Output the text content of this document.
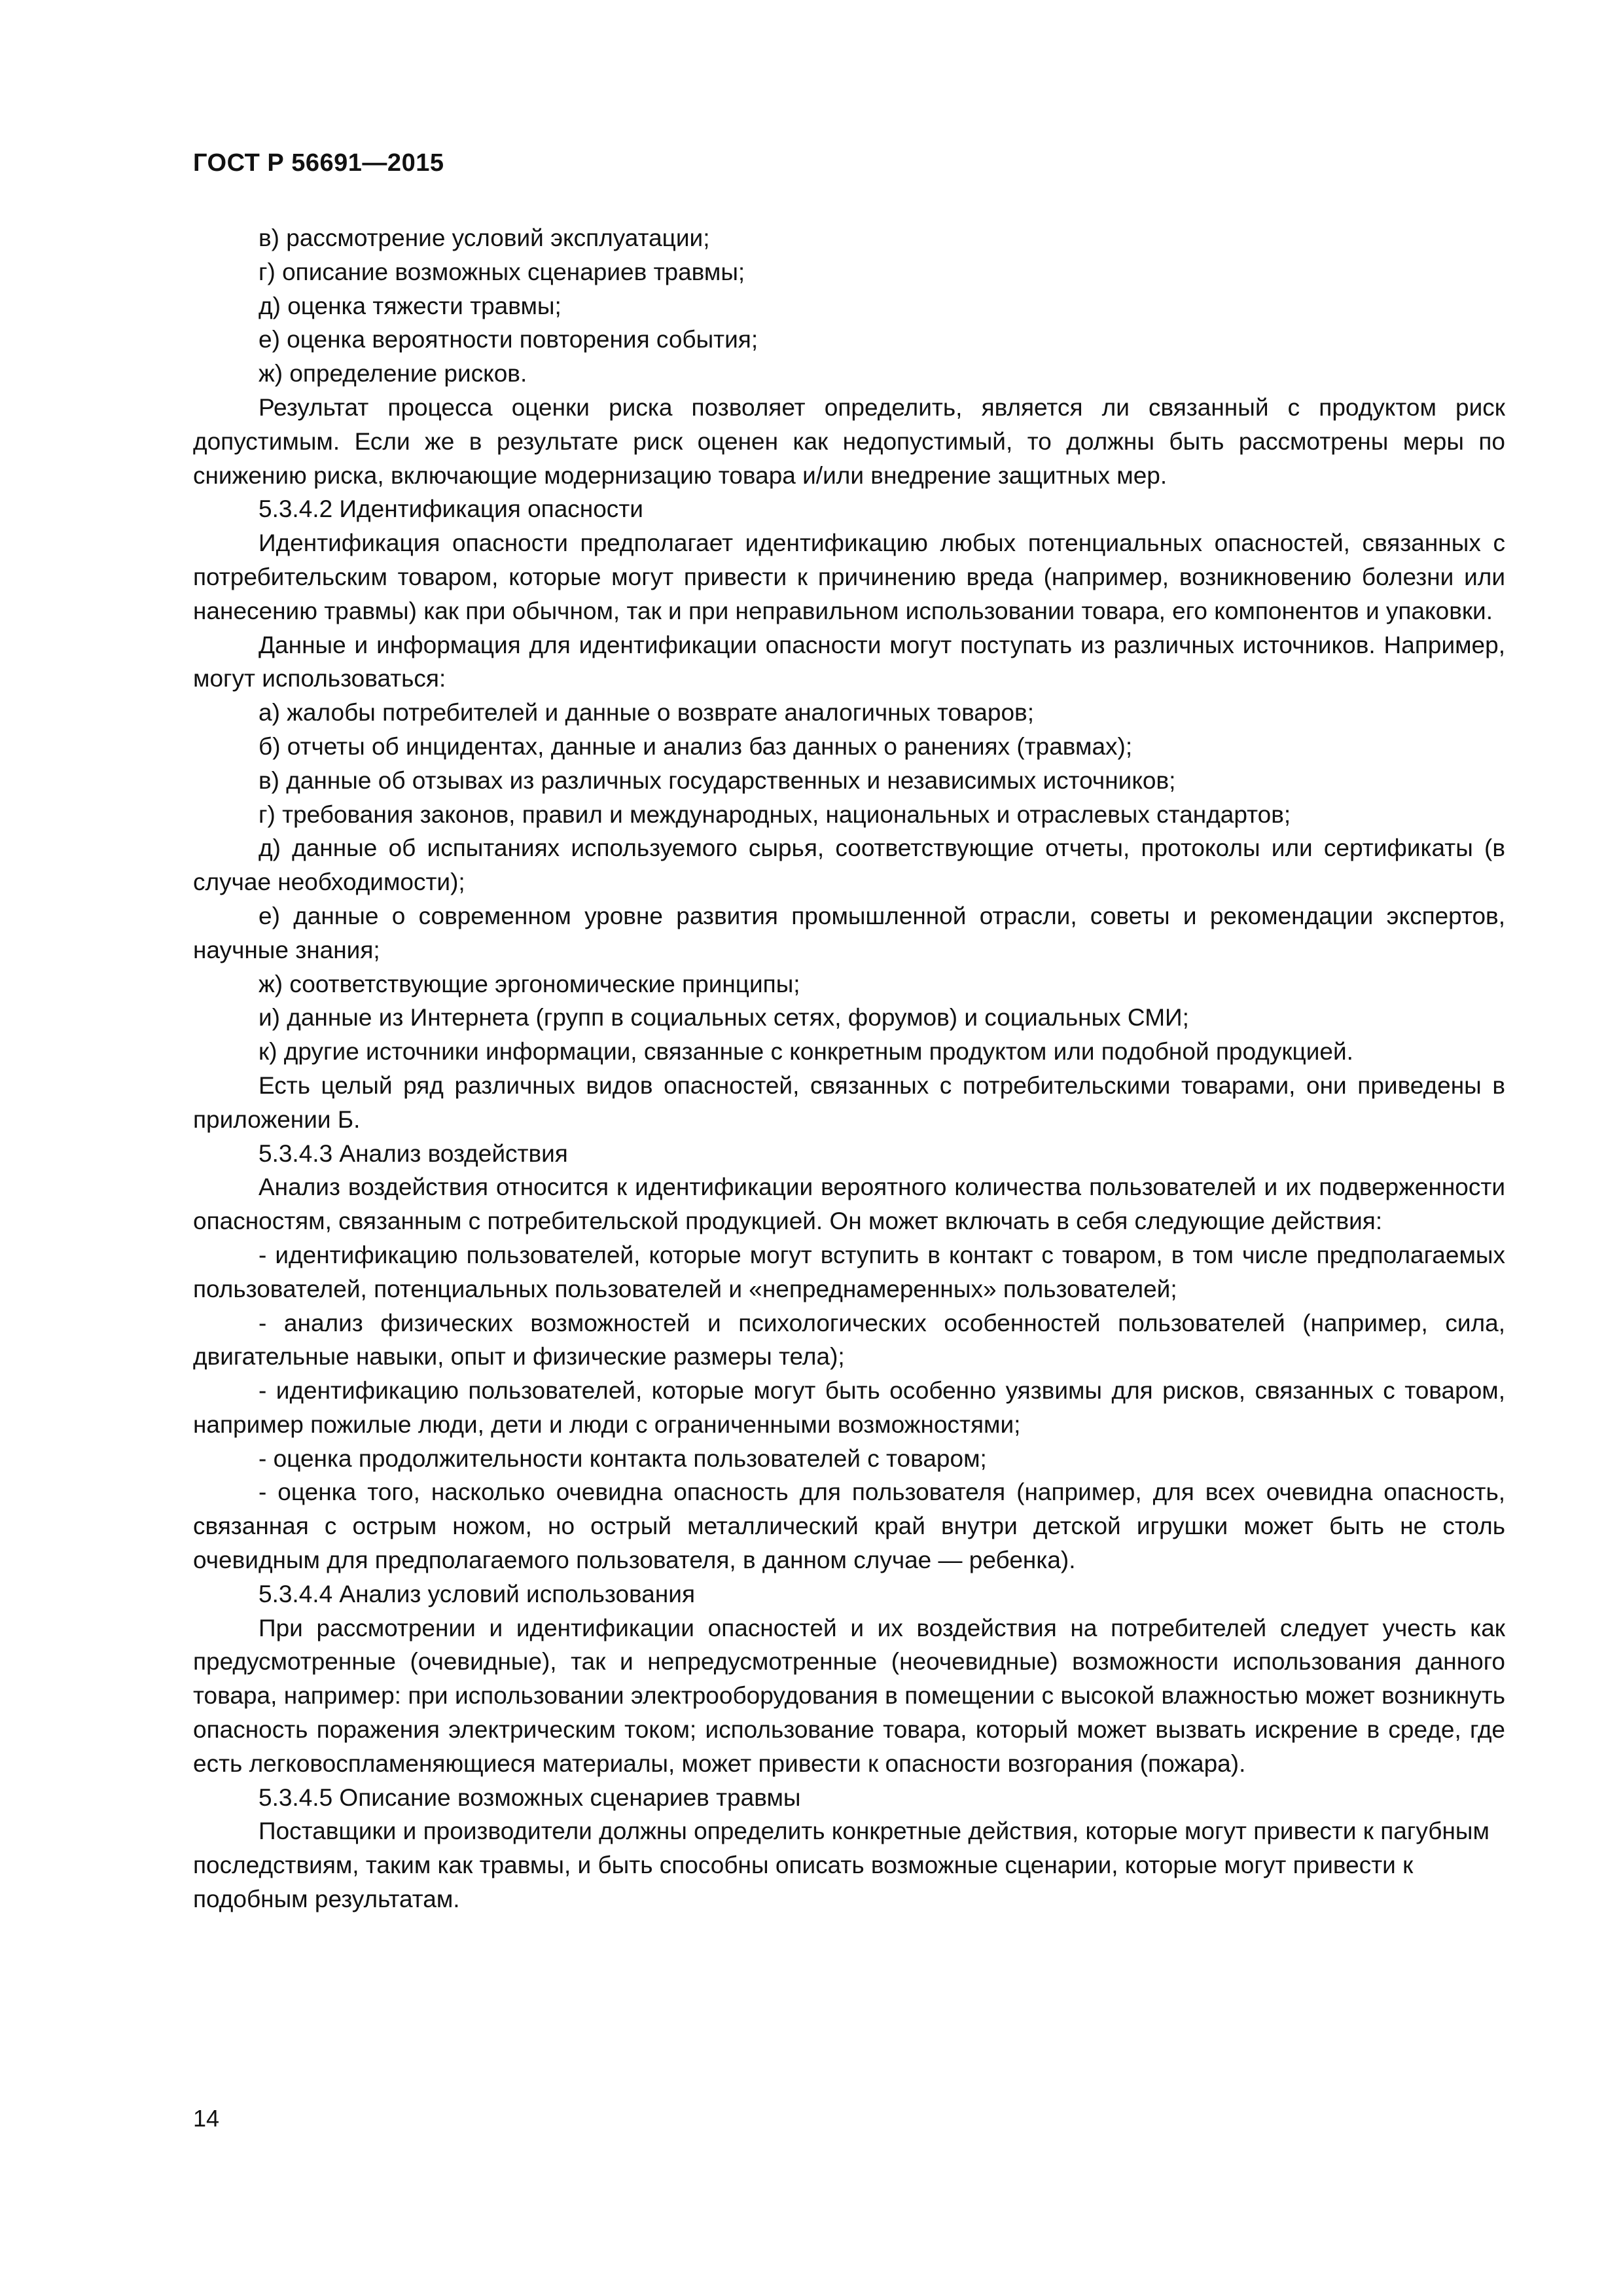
ГОСТ Р 56691—2015

в) рассмотрение условий эксплуатации;

г) описание возможных сценариев травмы;

д) оценка тяжести травмы;

е) оценка вероятности повторения события;

ж) определение рисков.

Результат процесса оценки риска позволяет определить, является ли связанный с продуктом риск допустимым. Если же в результате риск оценен как недопустимый, то должны быть рассмотрены меры по снижению риска, включающие модернизацию товара и/или внедрение защитных мер.

5.3.4.2 Идентификация опасности

Идентификация опасности предполагает идентификацию любых потенциальных опасностей, связанных с потребительским товаром, которые могут привести к причинению вреда (например, возникновению болезни или нанесению травмы) как при обычном, так и при неправильном использовании товара, его компонентов и упаковки.

Данные и информация для идентификации опасности могут поступать из различных источников. Например, могут использоваться:

а) жалобы потребителей и данные о возврате аналогичных товаров;

б) отчеты об инцидентах, данные и анализ баз данных о ранениях (травмах);

в) данные об отзывах из различных государственных и независимых источников;

г) требования законов, правил и международных, национальных и отраслевых стандартов;

д) данные об испытаниях используемого сырья, соответствующие отчеты, протоколы или сертификаты (в случае необходимости);

е) данные о современном уровне развития промышленной отрасли, советы и рекомендации экспертов, научные знания;

ж) соответствующие эргономические принципы;

и) данные из Интернета (групп в социальных сетях, форумов) и социальных СМИ;

к) другие источники информации, связанные с конкретным продуктом или подобной продукцией.

Есть целый ряд различных видов опасностей, связанных с потребительскими товарами, они приведены в приложении Б.

5.3.4.3 Анализ воздействия

Анализ воздействия относится к идентификации вероятного количества пользователей и их подверженности опасностям, связанным с потребительской продукцией. Он может включать в себя следующие действия:

- идентификацию пользователей, которые могут вступить в контакт с товаром, в том числе предполагаемых пользователей, потенциальных пользователей и «непреднамеренных» пользователей;

- анализ физических возможностей и психологических особенностей пользователей (например, сила, двигательные навыки, опыт и физические размеры тела);

- идентификацию пользователей, которые могут быть особенно уязвимы для рисков, связанных с товаром, например пожилые люди, дети и люди с ограниченными возможностями;

- оценка продолжительности контакта пользователей с товаром;

- оценка того, насколько очевидна опасность для пользователя (например, для всех очевидна опасность, связанная с острым ножом, но острый металлический край внутри детской игрушки может быть не столь очевидным для предполагаемого пользователя, в данном случае — ребенка).

5.3.4.4 Анализ условий использования

При рассмотрении и идентификации опасностей и их воздействия на потребителей следует учесть как предусмотренные (очевидные), так и непредусмотренные (неочевидные) возможности использования данного товара, например: при использовании электрооборудования в помещении с высокой влажностью может возникнуть опасность поражения электрическим током; использование товара, который может вызвать искрение в среде, где есть легковоспламеняющиеся материалы, может привести к опасности возгорания (пожара).

5.3.4.5 Описание возможных сценариев травмы

Поставщики и производители должны определить конкретные действия, которые могут привести к пагубным последствиям, таким как травмы, и быть способны описать возможные сценарии, которые могут привести к подобным результатам.

14
